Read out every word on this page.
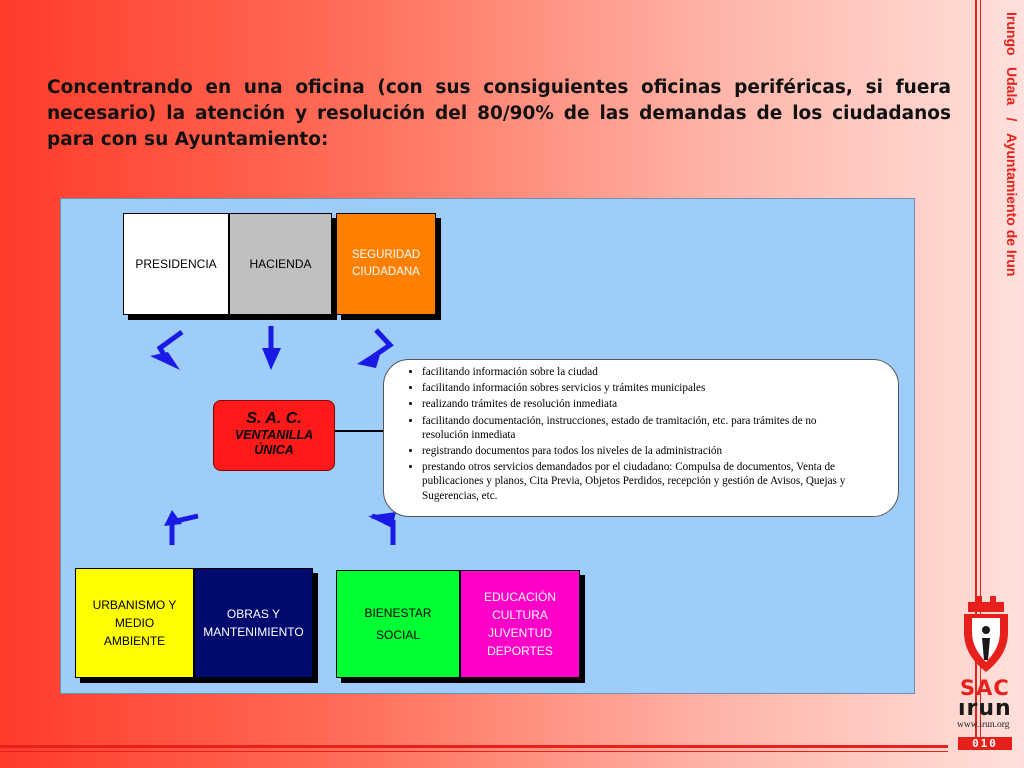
Concentrando en una oficina (con sus consiguientes oficinas periféricas, si fuera necesario) la atención y resolución del 80/90% de las demandas de los ciudadanos para con su Ayuntamiento:
Irungo Udala / Ayuntamiento de Irun
PRESIDENCIA	HACIENDA
SEGURIDAD
CIUDADANA
S. A. C.
VENTANILLA
ÚNICA
• facilitando información sobre la ciudad
• facilitando información sobres servicios y trámites municipales
• realizando trámites de resolución inmediata
• facilitando documentación, instrucciones, estado de tramitación, etc. para trámites de no resolución inmediata
• registrando documentos para todos los niveles de la administración
• prestando otros servicios demandados por el ciudadano: Compulsa de documentos, Venta de publicaciones y planos, Cita Previa, Objetos Perdidos, recepción y gestión de Avisos, Quejas y Sugerencias, etc.
URBANISMO Y
MEDIO
AMBIENTE
OBRAS Y
MANTENIMIENTO
BIENESTAR
SOCIAL
EDUCACIÓN
CULTURA
JUVENTUD
DEPORTES
SAC
ırun
www.irun.org
010
